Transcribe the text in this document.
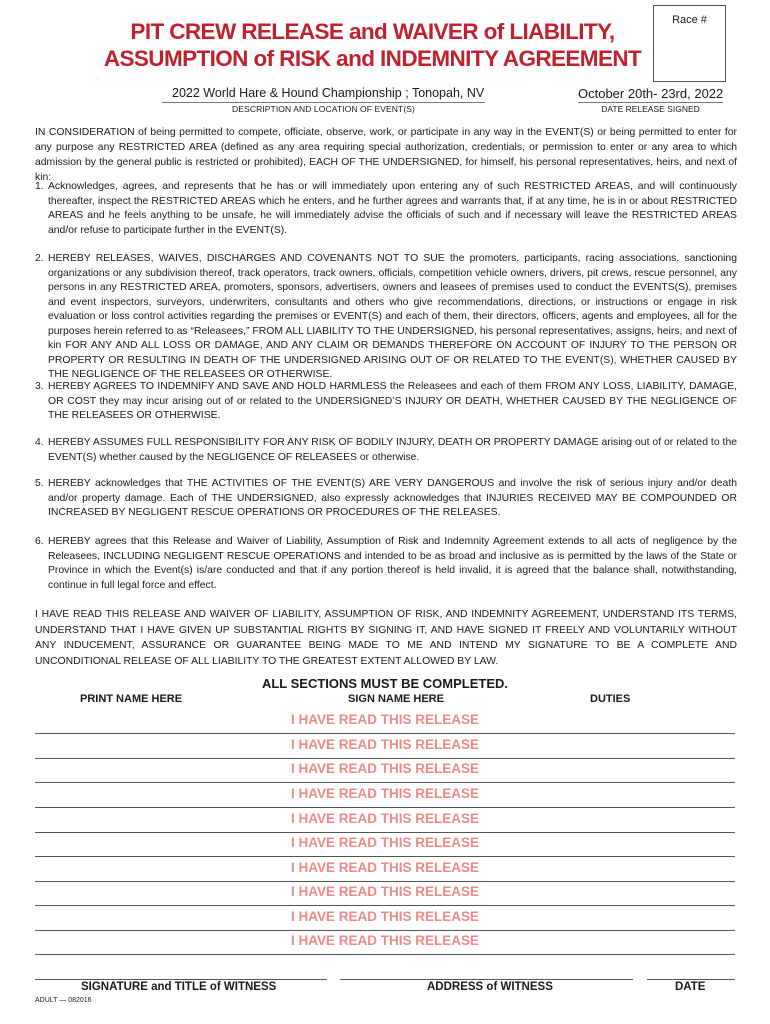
PIT CREW RELEASE and WAIVER of LIABILITY,
ASSUMPTION of RISK and INDEMNITY AGREEMENT
Race #
2022 World Hare & Hound Championship ; Tonopah, NV
DESCRIPTION AND LOCATION OF EVENT(S)
October 20th- 23rd, 2022
DATE RELEASE SIGNED

IN CONSIDERATION of being permitted to compete, officiate, observe, work, or participate in any way in the EVENT(S) or being permitted to enter for any purpose any RESTRICTED AREA (defined as any area requiring special authorization, credentials, or permission to enter or any area to which admission by the general public is restricted or prohibited), EACH OF THE UNDERSIGNED, for himself, his personal representatives, heirs, and next of kin:

1. Acknowledges, agrees, and represents that he has or will immediately upon entering any of such RESTRICTED AREAS, and will continuously thereafter, inspect the RESTRICTED AREAS which he enters, and he further agrees and warrants that, if at any time, he is in or about RESTRICTED AREAS and he feels anything to be unsafe, he will immediately advise the officials of such and if necessary will leave the RESTRICTED AREAS and/or refuse to participate further in the EVENT(S).
2. HEREBY RELEASES, WAIVES, DISCHARGES AND COVENANTS NOT TO SUE the promoters, participants, racing associations, sanctioning organizations or any subdivision thereof, track operators, track owners, officials, competition vehicle owners, drivers, pit crews, rescue personnel, any persons in any RESTRICTED AREA, promoters, sponsors, advertisers, owners and leasees of premises used to conduct the EVENTS(S), premises and event inspectors, surveyors, underwriters, consultants and others who give recommendations, directions, or instructions or engage in risk evaluation or loss control activities regarding the premises or EVENT(S) and each of them, their directors, officers, agents and employees, all for the purposes herein referred to as “Releasees,” FROM ALL LIABILITY TO THE UNDERSIGNED, his personal representatives, assigns, heirs, and next of kin FOR ANY AND ALL LOSS OR DAMAGE, AND ANY CLAIM OR DEMANDS THEREFORE ON ACCOUNT OF INJURY TO THE PERSON OR PROPERTY OR RESULTING IN DEATH OF THE UNDERSIGNED ARISING OUT OF OR RELATED TO THE EVENT(S), WHETHER CAUSED BY THE NEGLIGENCE OF THE RELEASEES OR OTHERWISE.
3. HEREBY AGREES TO INDEMNIFY AND SAVE AND HOLD HARMLESS the Releasees and each of them FROM ANY LOSS, LIABILITY, DAMAGE, OR COST they may incur arising out of or related to the UNDERSIGNED’S INJURY OR DEATH, WHETHER CAUSED BY THE NEGLIGENCE OF THE RELEASEES OR OTHERWISE.
4. HEREBY ASSUMES FULL RESPONSIBILITY FOR ANY RISK OF BODILY INJURY, DEATH OR PROPERTY DAMAGE arising out of or related to the EVENT(S) whether caused by the NEGLIGENCE OF RELEASEES or otherwise.
5. HEREBY acknowledges that THE ACTIVITIES OF THE EVENT(S) ARE VERY DANGEROUS and involve the risk of serious injury and/or death and/or property damage. Each of THE UNDERSIGNED, also expressly acknowledges that INJURIES RECEIVED MAY BE COMPOUNDED OR INCREASED BY NEGLIGENT RESCUE OPERATIONS OR PROCEDURES OF THE RELEASES.
6. HEREBY agrees that this Release and Waiver of Liability, Assumption of Risk and Indemnity Agreement extends to all acts of negligence by the Releasees, INCLUDING NEGLIGENT RESCUE OPERATIONS and intended to be as broad and inclusive as is permitted by the laws of the State or Province in which the Event(s) is/are conducted and that if any portion thereof is held invalid, it is agreed that the balance shall, notwithstanding, continue in full legal force and effect.

I HAVE READ THIS RELEASE AND WAIVER OF LIABILITY, ASSUMPTION OF RISK, AND INDEMNITY AGREEMENT, UNDERSTAND ITS TERMS, UNDERSTAND THAT I HAVE GIVEN UP SUBSTANTIAL RIGHTS BY SIGNING IT, AND HAVE SIGNED IT FREELY AND VOLUNTARILY WITHOUT ANY INDUCEMENT, ASSURANCE OR GUARANTEE BEING MADE TO ME AND INTEND MY SIGNATURE TO BE A COMPLETE AND UNCONDITIONAL RELEASE OF ALL LIABILITY TO THE GREATEST EXTENT ALLOWED BY LAW.

ALL SECTIONS MUST BE COMPLETED.
PRINT NAME HERE	SIGN NAME HERE	DUTIES
I HAVE READ THIS RELEASE
I HAVE READ THIS RELEASE
I HAVE READ THIS RELEASE
I HAVE READ THIS RELEASE
I HAVE READ THIS RELEASE
I HAVE READ THIS RELEASE
I HAVE READ THIS RELEASE
I HAVE READ THIS RELEASE
I HAVE READ THIS RELEASE
I HAVE READ THIS RELEASE
SIGNATURE and TITLE of WITNESS	ADDRESS of WITNESS	DATE
ADULT — 082016
